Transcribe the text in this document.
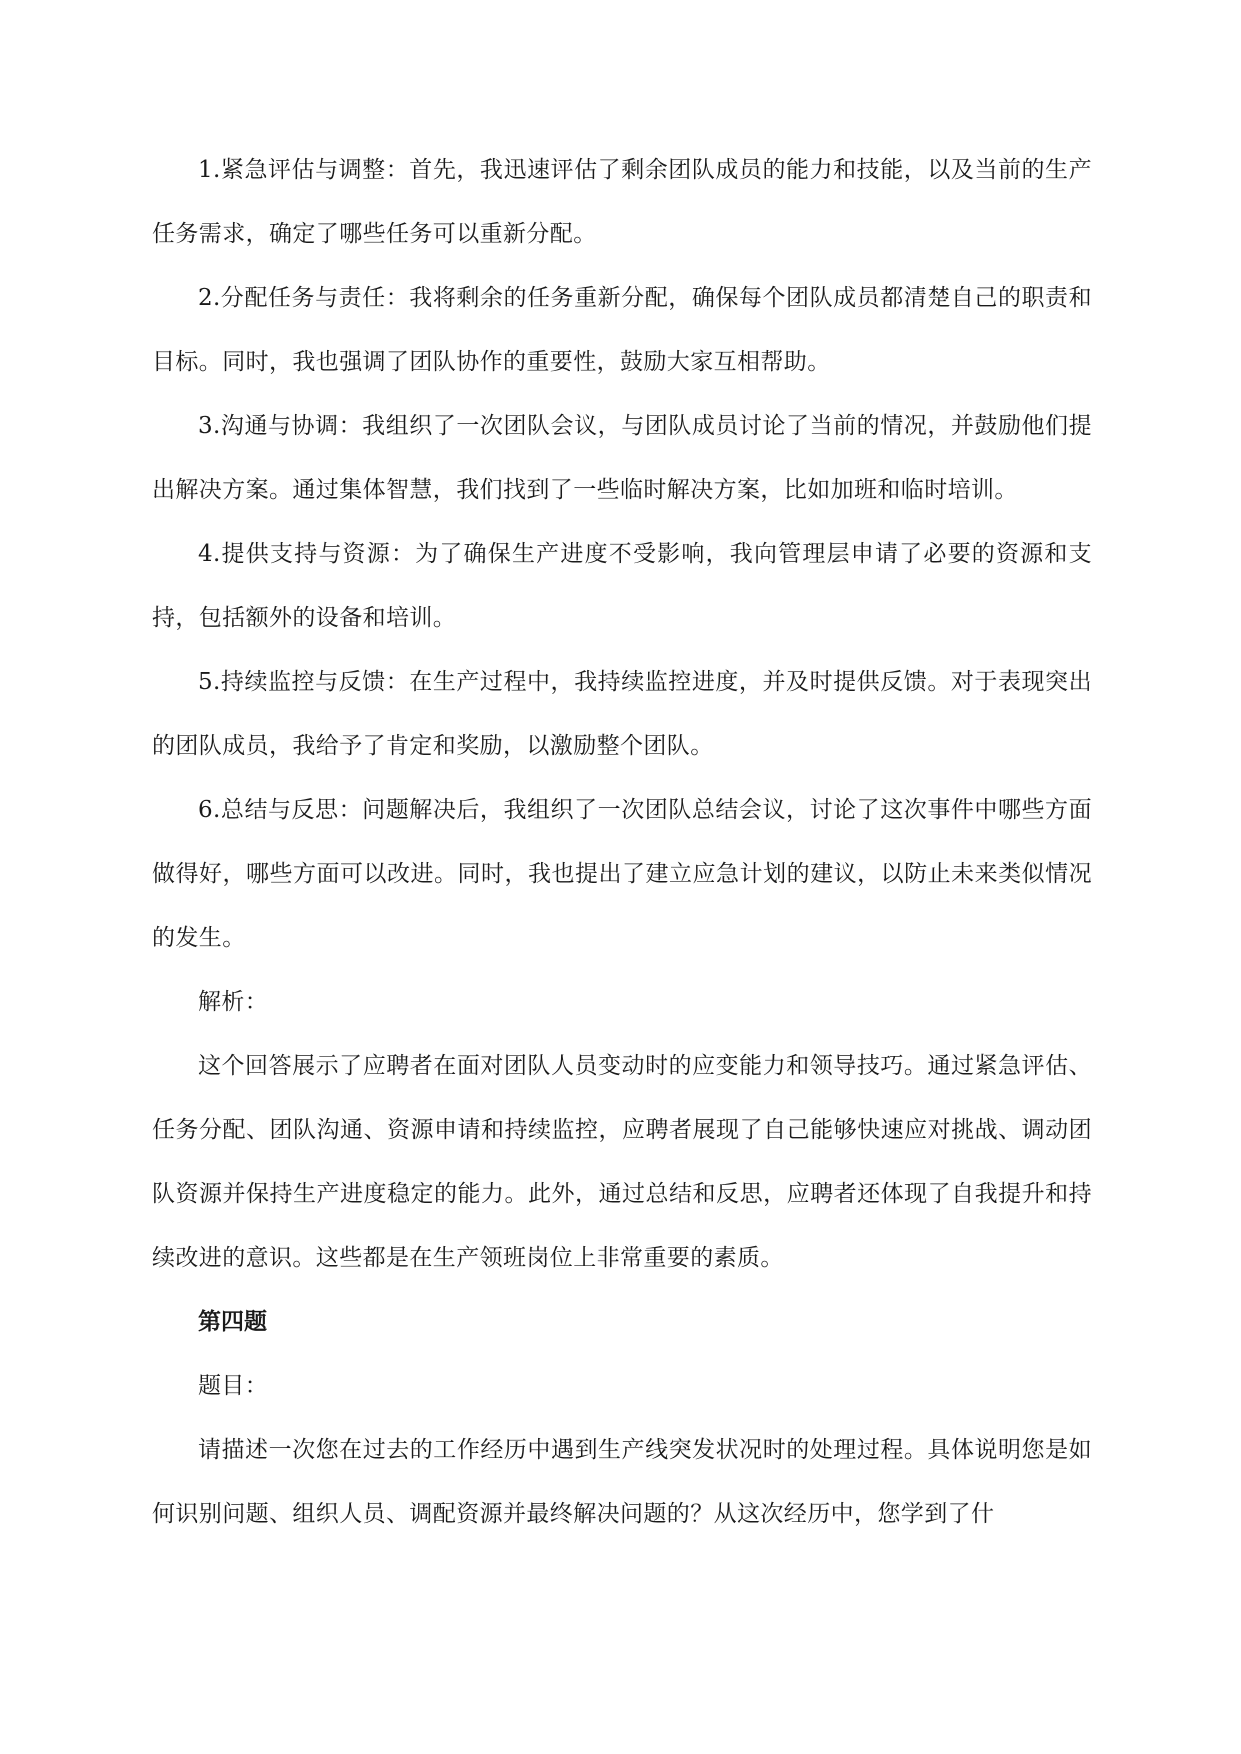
1.紧急评估与调整：首先，我迅速评估了剩余团队成员的能力和技能，以及当前的生产任务需求，确定了哪些任务可以重新分配。

2.分配任务与责任：我将剩余的任务重新分配，确保每个团队成员都清楚自己的职责和目标。同时，我也强调了团队协作的重要性，鼓励大家互相帮助。

3.沟通与协调：我组织了一次团队会议，与团队成员讨论了当前的情况，并鼓励他们提出解决方案。通过集体智慧，我们找到了一些临时解决方案，比如加班和临时培训。

4.提供支持与资源：为了确保生产进度不受影响，我向管理层申请了必要的资源和支持，包括额外的设备和培训。

5.持续监控与反馈：在生产过程中，我持续监控进度，并及时提供反馈。对于表现突出的团队成员，我给予了肯定和奖励，以激励整个团队。

6.总结与反思：问题解决后，我组织了一次团队总结会议，讨论了这次事件中哪些方面做得好，哪些方面可以改进。同时，我也提出了建立应急计划的建议，以防止未来类似情况的发生。

解析：

这个回答展示了应聘者在面对团队人员变动时的应变能力和领导技巧。通过紧急评估、任务分配、团队沟通、资源申请和持续监控，应聘者展现了自己能够快速应对挑战、调动团队资源并保持生产进度稳定的能力。此外，通过总结和反思，应聘者还体现了自我提升和持续改进的意识。这些都是在生产领班岗位上非常重要的素质。

第四题

题目：

请描述一次您在过去的工作经历中遇到生产线突发状况时的处理过程。具体说明您是如何识别问题、组织人员、调配资源并最终解决问题的？从这次经历中，您学到了什
